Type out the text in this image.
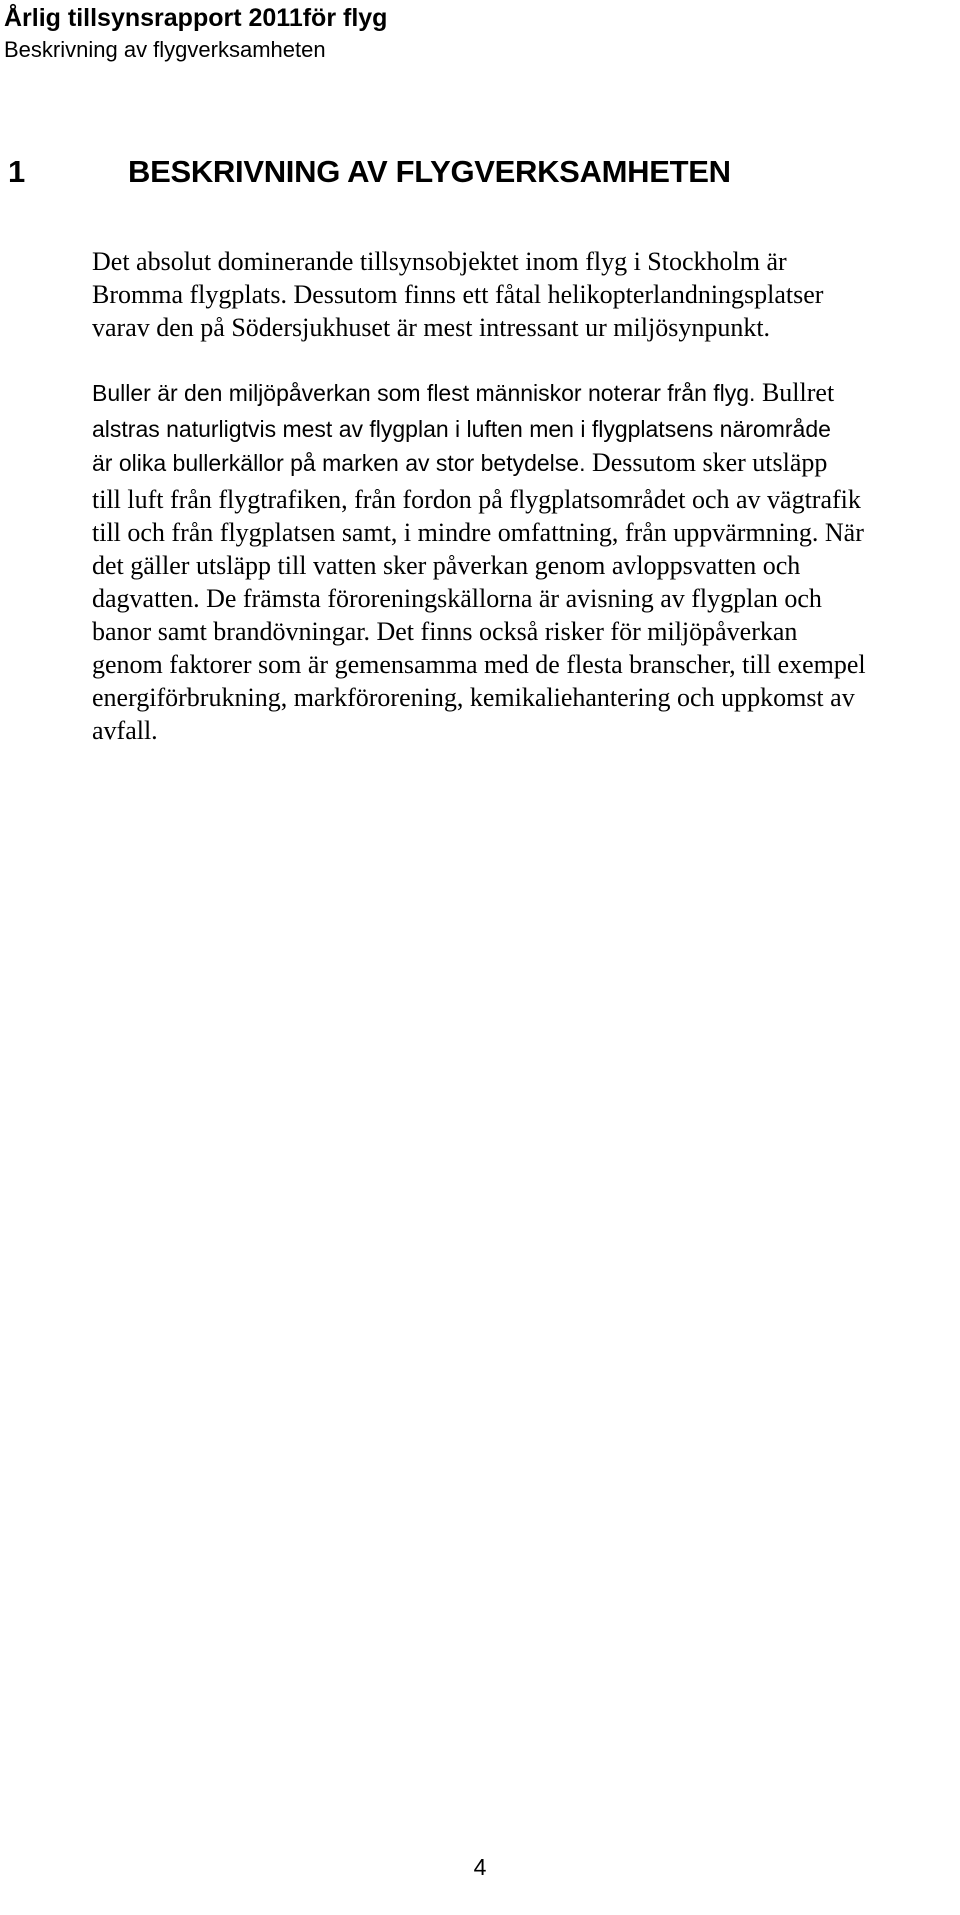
Årlig tillsynsrapport 2011för flyg
Beskrivning av flygverksamheten
1	BESKRIVNING AV FLYGVERKSAMHETEN

Det absolut dominerande tillsynsobjektet inom flyg i Stockholm är
Bromma flygplats. Dessutom finns ett fåtal helikopterlandningsplatser
varav den på Södersjukhuset är mest intressant ur miljösynpunkt.

Buller är den miljöpåverkan som flest människor noterar från flyg. Bullret
alstras naturligtvis mest av flygplan i luften men i flygplatsens närområde
är olika bullerkällor på marken av stor betydelse. Dessutom sker utsläpp
till luft från flygtrafiken, från fordon på flygplatsområdet och av vägtrafik
till och från flygplatsen samt, i mindre omfattning, från uppvärmning. När
det gäller utsläpp till vatten sker påverkan genom avloppsvatten och
dagvatten. De främsta föroreningskällorna är avisning av flygplan och
banor samt brandövningar. Det finns också risker för miljöpåverkan
genom faktorer som är gemensamma med de flesta branscher, till exempel
energiförbrukning, markförorening, kemikaliehantering och uppkomst av
avfall.

4
